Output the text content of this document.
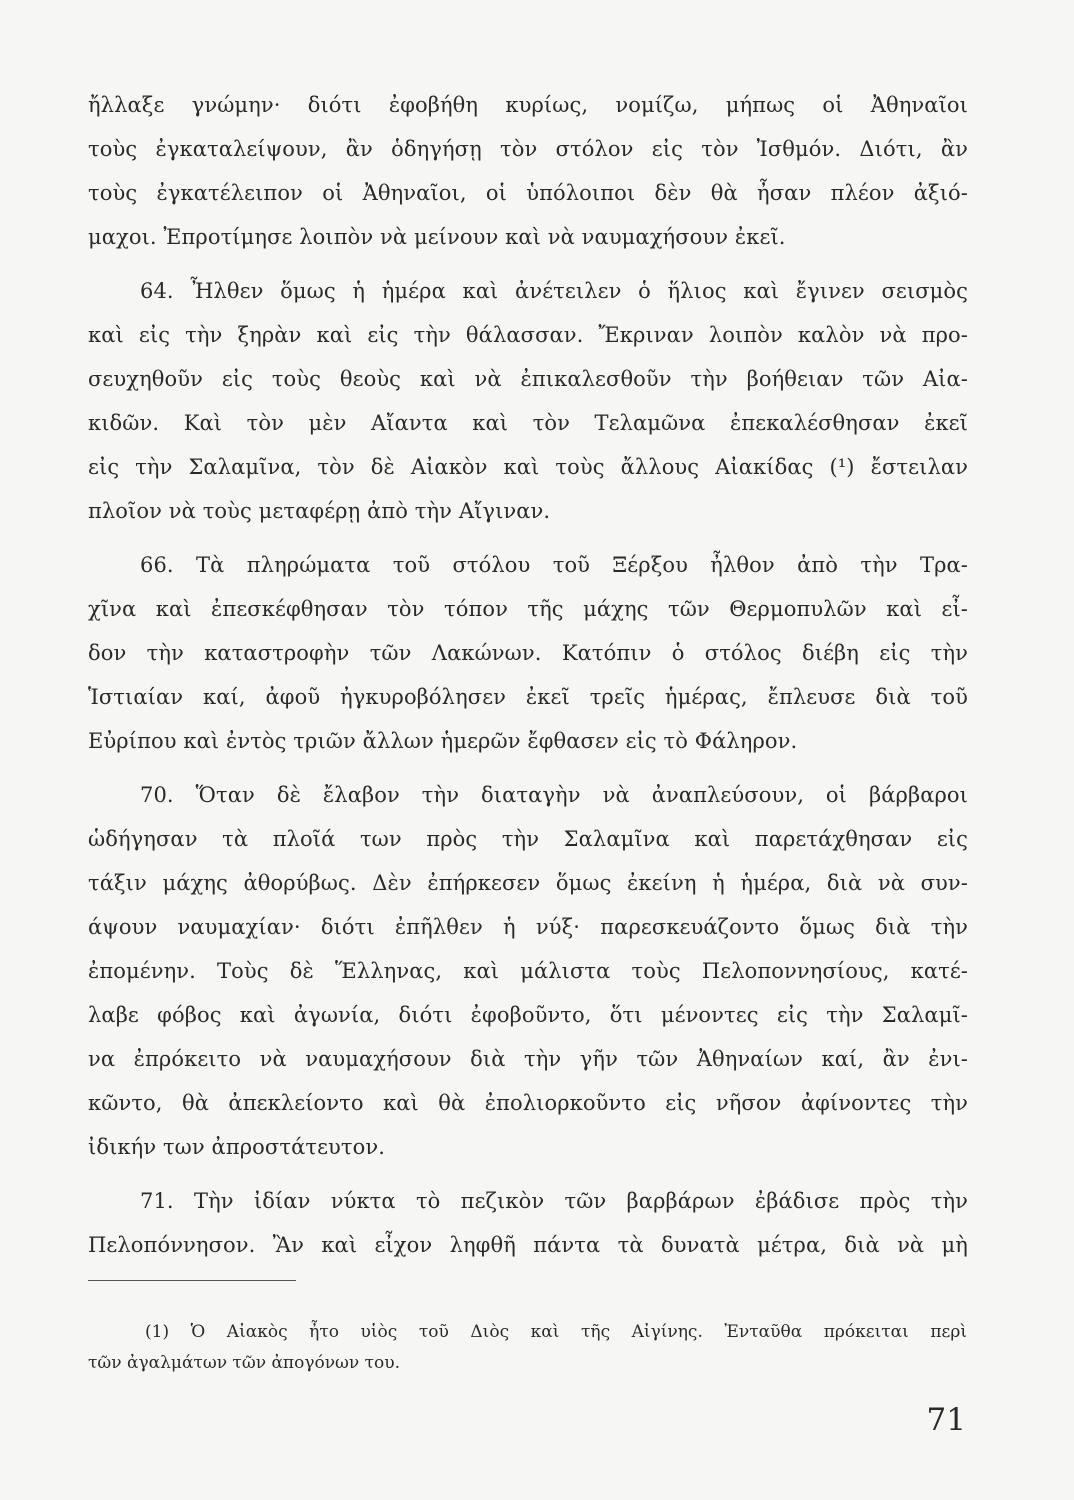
ἤλλαξε γνώμην· διότι ἐφοβήθη κυρίως, νομίζω, μήπως οἱ Ἀθηναῖοι
τοὺς ἐγκαταλείψουν, ἂν ὁδηγήσῃ τὸν στόλον εἰς τὸν Ἰσθμόν. Διότι, ἂν
τοὺς ἐγκατέλειπον οἱ Ἀθηναῖοι, οἱ ὑπόλοιποι δὲν θὰ ἦσαν πλέον ἀξιό-
μαχοι. Ἐπροτίμησε λοιπὸν νὰ μείνουν καὶ νὰ ναυμαχήσουν ἐκεῖ.
64. Ἦλθεν ὅμως ἡ ἡμέρα καὶ ἀνέτειλεν ὁ ἥλιος καὶ ἔγινεν σεισμὸς
καὶ εἰς τὴν ξηρὰν καὶ εἰς τὴν θάλασσαν. Ἔκριναν λοιπὸν καλὸν νὰ προ-
σευχηθοῦν εἰς τοὺς θεοὺς καὶ νὰ ἐπικαλεσθοῦν τὴν βοήθειαν τῶν Αἰα-
κιδῶν. Καὶ τὸν μὲν Αἴαντα καὶ τὸν Τελαμῶνα ἐπεκαλέσθησαν ἐκεῖ
εἰς τὴν Σαλαμῖνα, τὸν δὲ Αἰακὸν καὶ τοὺς ἄλλους Αἰακίδας (¹) ἔστειλαν
πλοῖον νὰ τοὺς μεταφέρῃ ἀπὸ τὴν Αἴγιναν.
66. Τὰ πληρώματα τοῦ στόλου τοῦ Ξέρξου ἦλθον ἀπὸ τὴν Τρα-
χῖνα καὶ ἐπεσκέφθησαν τὸν τόπον τῆς μάχης τῶν Θερμοπυλῶν καὶ εἶ-
δον τὴν καταστροφὴν τῶν Λακώνων. Κατόπιν ὁ στόλος διέβη εἰς τὴν
Ἱστιαίαν καί, ἀφοῦ ἠγκυροβόλησεν ἐκεῖ τρεῖς ἡμέρας, ἔπλευσε διὰ τοῦ
Εὐρίπου καὶ ἐντὸς τριῶν ἄλλων ἡμερῶν ἔφθασεν εἰς τὸ Φάληρον.
70. Ὅταν δὲ ἔλαβον τὴν διαταγὴν νὰ ἀναπλεύσουν, οἱ βάρβαροι
ὡδήγησαν τὰ πλοῖά των πρὸς τὴν Σαλαμῖνα καὶ παρετάχθησαν εἰς
τάξιν μάχης ἀθορύβως. Δὲν ἐπήρκεσεν ὅμως ἐκείνη ἡ ἡμέρα, διὰ νὰ συν-
άψουν ναυμαχίαν· διότι ἐπῆλθεν ἡ νύξ· παρεσκευάζοντο ὅμως διὰ τὴν
ἐπομένην. Τοὺς δὲ Ἕλληνας, καὶ μάλιστα τοὺς Πελοποννησίους, κατέ-
λαβε φόβος καὶ ἀγωνία, διότι ἐφοβοῦντο, ὅτι μένοντες εἰς τὴν Σαλαμῖ-
να ἐπρόκειτο νὰ ναυμαχήσουν διὰ τὴν γῆν τῶν Ἀθηναίων καί, ἂν ἐνι-
κῶντο, θὰ ἀπεκλείοντο καὶ θὰ ἐπολιορκοῦντο εἰς νῆσον ἀφίνοντες τὴν
ἰδικήν των ἀπροστάτευτον.
71. Τὴν ἰδίαν νύκτα τὸ πεζικὸν τῶν βαρβάρων ἐβάδισε πρὸς τὴν
Πελοπόννησον. Ἂν καὶ εἶχον ληφθῆ πάντα τὰ δυνατὰ μέτρα, διὰ νὰ μὴ
(1) Ὁ Αἰακὸς ἦτο υἱὸς τοῦ Διὸς καὶ τῆς Αἰγίνης. Ἐνταῦθα πρόκειται περὶ
τῶν ἀγαλμάτων τῶν ἀπογόνων του.
71
